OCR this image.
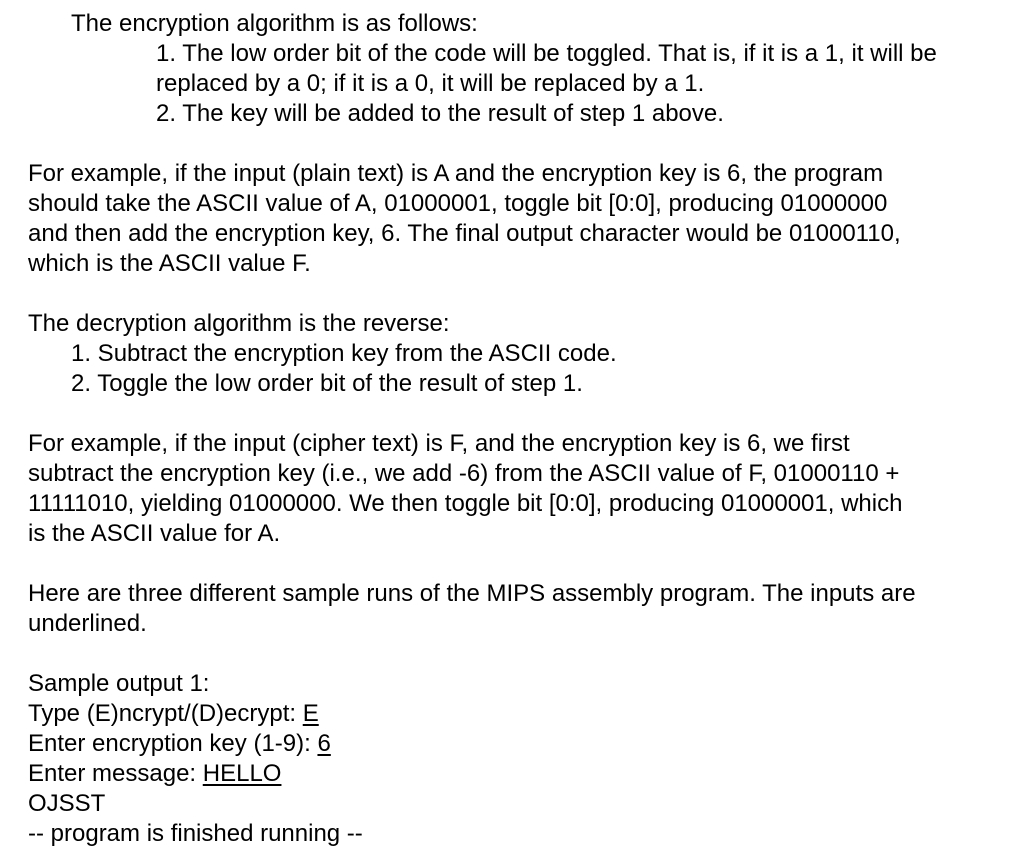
The encryption algorithm is as follows:
1. The low order bit of the code will be toggled. That is, if it is a 1, it will be
replaced by a 0; if it is a 0, it will be replaced by a 1.
2. The key will be added to the result of step 1 above.
For example, if the input (plain text) is A and the encryption key is 6, the program
should take the ASCII value of A, 01000001, toggle bit [0:0], producing 01000000
and then add the encryption key, 6. The final output character would be 01000110,
which is the ASCII value F.
The decryption algorithm is the reverse:
1. Subtract the encryption key from the ASCII code.
2. Toggle the low order bit of the result of step 1.
For example, if the input (cipher text) is F, and the encryption key is 6, we first
subtract the encryption key (i.e., we add -6) from the ASCII value of F, 01000110 +
11111010, yielding 01000000. We then toggle bit [0:0], producing 01000001, which
is the ASCII value for A.
Here are three different sample runs of the MIPS assembly program. The inputs are
underlined.
Sample output 1:
Type (E)ncrypt/(D)ecrypt: E
Enter encryption key (1-9): 6
Enter message: HELLO
OJSST
-- program is finished running --
